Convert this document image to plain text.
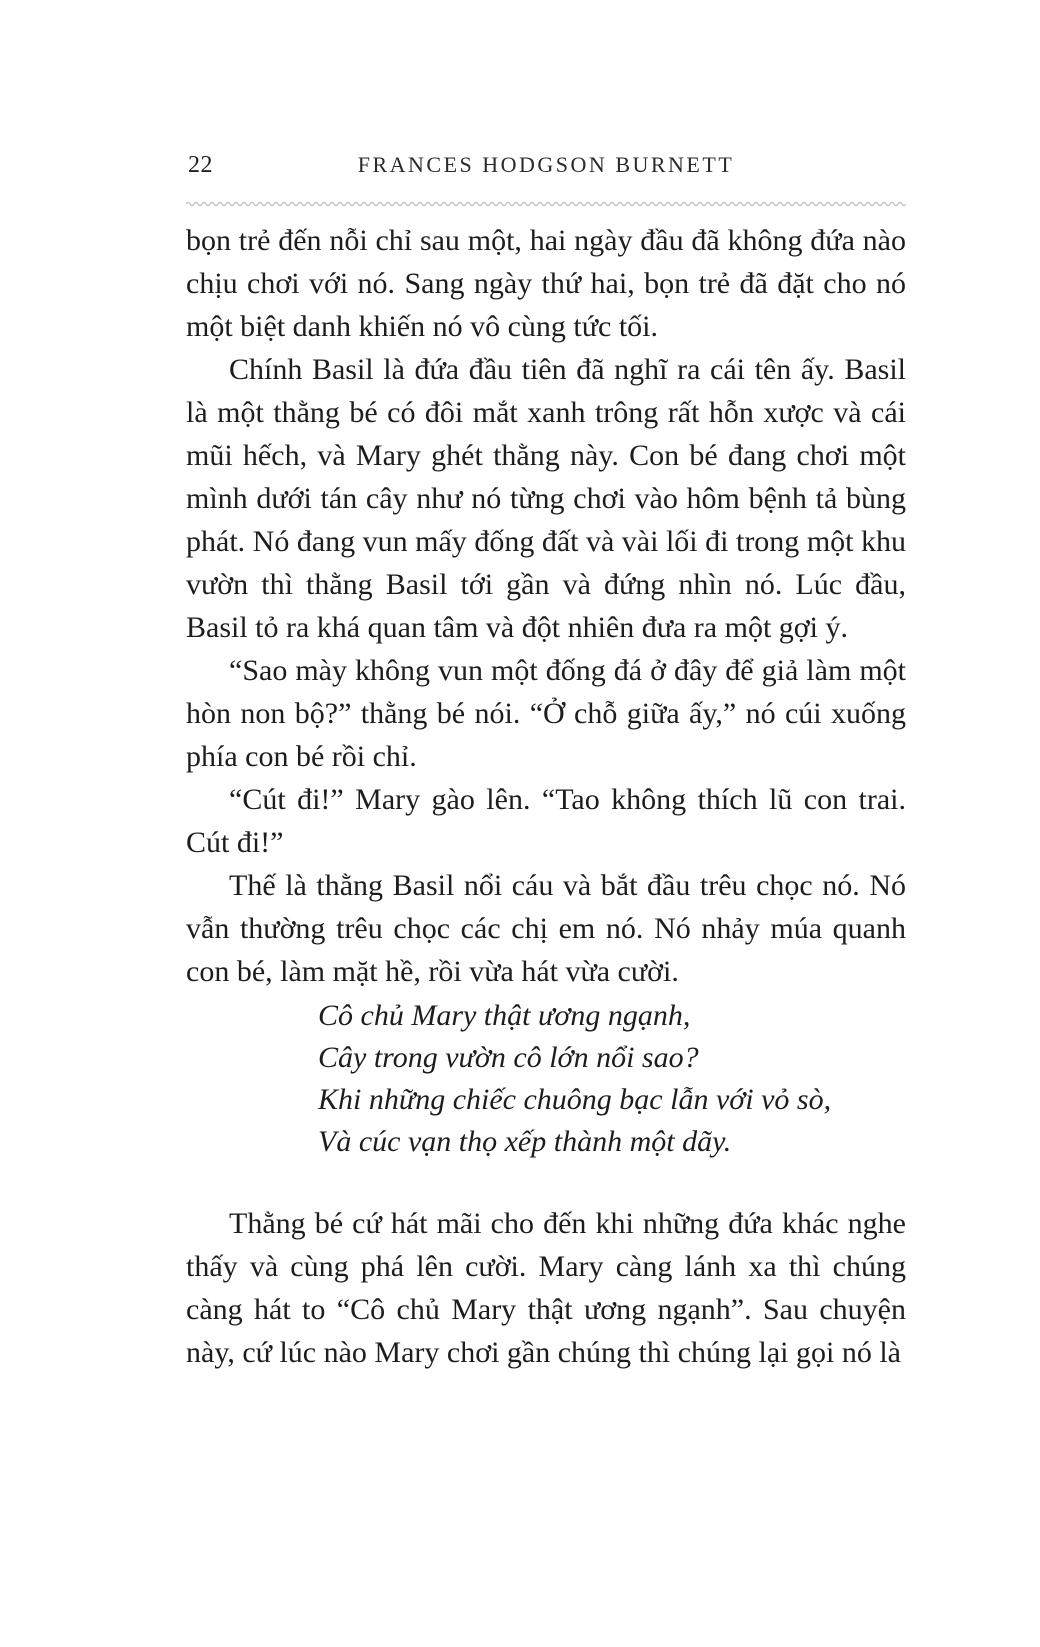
22	FRANCES HODGSON BURNETT

bọn trẻ đến nỗi chỉ sau một, hai ngày đầu đã không đứa nào chịu chơi với nó. Sang ngày thứ hai, bọn trẻ đã đặt cho nó một biệt danh khiến nó vô cùng tức tối.

Chính Basil là đứa đầu tiên đã nghĩ ra cái tên ấy. Basil là một thằng bé có đôi mắt xanh trông rất hỗn xược và cái mũi hếch, và Mary ghét thằng này. Con bé đang chơi một mình dưới tán cây như nó từng chơi vào hôm bệnh tả bùng phát. Nó đang vun mấy đống đất và vài lối đi trong một khu vườn thì thằng Basil tới gần và đứng nhìn nó. Lúc đầu, Basil tỏ ra khá quan tâm và đột nhiên đưa ra một gợi ý.

“Sao mày không vun một đống đá ở đây để giả làm một hòn non bộ?” thằng bé nói. “Ở chỗ giữa ấy,” nó cúi xuống phía con bé rồi chỉ.

“Cút đi!” Mary gào lên. “Tao không thích lũ con trai. Cút đi!”

Thế là thằng Basil nổi cáu và bắt đầu trêu chọc nó. Nó vẫn thường trêu chọc các chị em nó. Nó nhảy múa quanh con bé, làm mặt hề, rồi vừa hát vừa cười.

Cô chủ Mary thật ương ngạnh,
Cây trong vườn cô lớn nổi sao?
Khi những chiếc chuông bạc lẫn với vỏ sò,
Và cúc vạn thọ xếp thành một dãy.

Thằng bé cứ hát mãi cho đến khi những đứa khác nghe thấy và cùng phá lên cười. Mary càng lánh xa thì chúng càng hát to “Cô chủ Mary thật ương ngạnh”. Sau chuyện này, cứ lúc nào Mary chơi gần chúng thì chúng lại gọi nó là
